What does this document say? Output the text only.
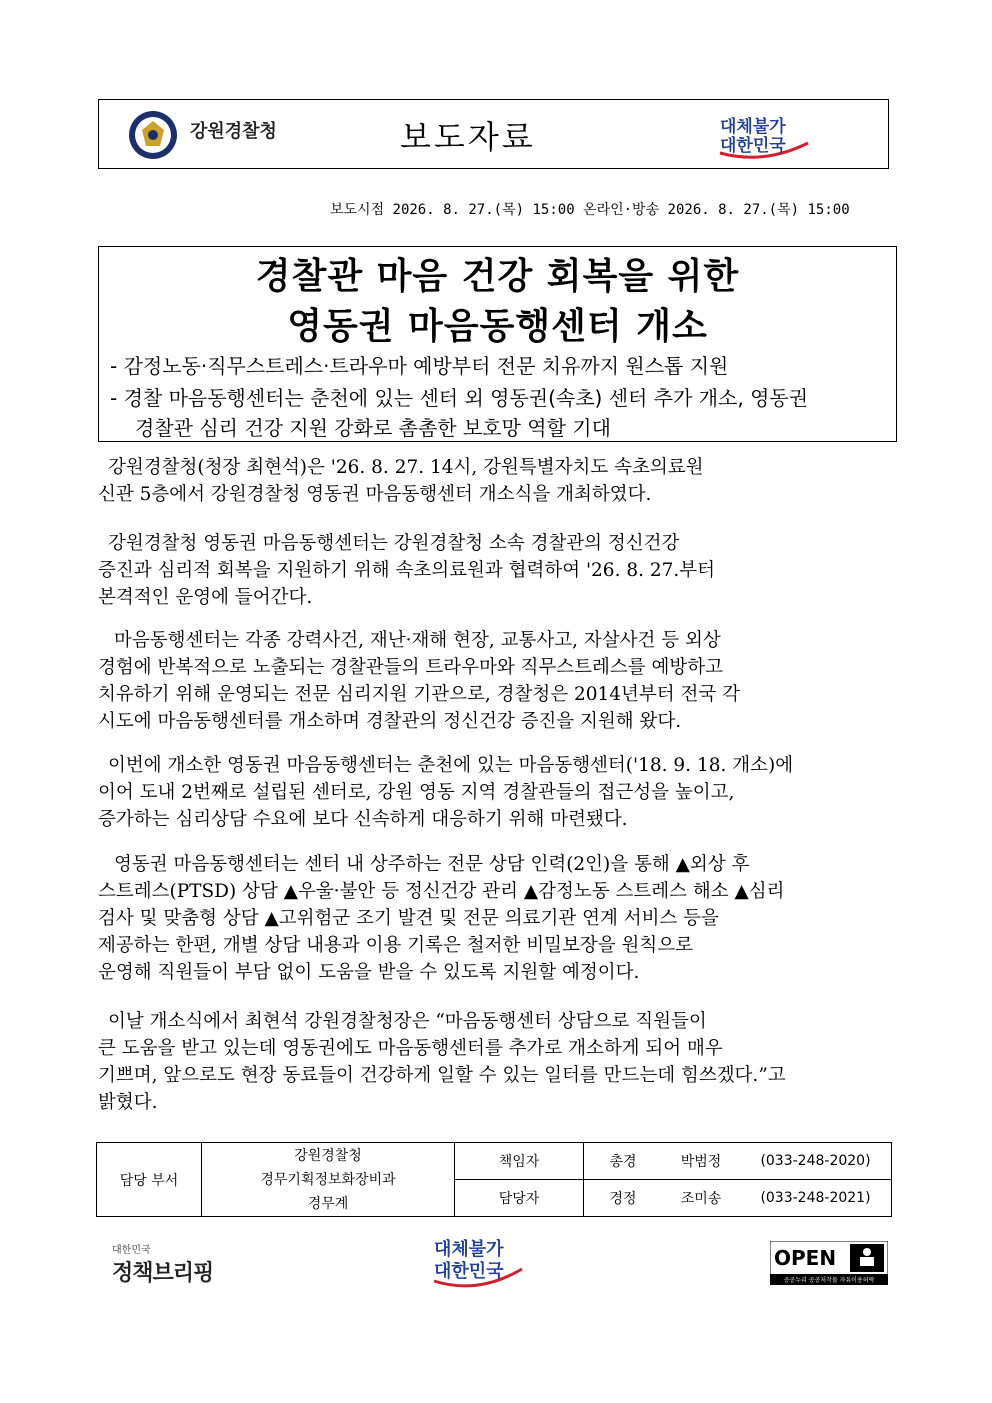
강원경찰청	보도자료	대체불가
대한민국
보도시점 2026. 8. 27.(목) 15:00 온라인·방송 2026. 8. 27.(목) 15:00
경찰관 마음 건강 회복을 위한
영동권 마음동행센터 개소
- 감정노동·직무스트레스·트라우마 예방부터 전문 치유까지 원스톱 지원
- 경찰 마음동행센터는 춘천에 있는 센터 외 영동권(속초) 센터 추가 개소, 영동권
경찰관 심리 건강 지원 강화로 촘촘한 보호망 역할 기대
강원경찰청(청장 최현석)은 '26. 8. 27. 14시, 강원특별자치도 속초의료원
신관 5층에서 강원경찰청 영동권 마음동행센터 개소식을 개최하였다.
강원경찰청 영동권 마음동행센터는 강원경찰청 소속 경찰관의 정신건강
증진과 심리적 회복을 지원하기 위해 속초의료원과 협력하여 '26. 8. 27.부터
본격적인 운영에 들어간다.
마음동행센터는 각종 강력사건, 재난·재해 현장, 교통사고, 자살사건 등 외상
경험에 반복적으로 노출되는 경찰관들의 트라우마와 직무스트레스를 예방하고
치유하기 위해 운영되는 전문 심리지원 기관으로, 경찰청은 2014년부터 전국 각
시도에 마음동행센터를 개소하며 경찰관의 정신건강 증진을 지원해 왔다.
이번에 개소한 영동권 마음동행센터는 춘천에 있는 마음동행센터('18. 9. 18. 개소)에
이어 도내 2번째로 설립된 센터로, 강원 영동 지역 경찰관들의 접근성을 높이고,
증가하는 심리상담 수요에 보다 신속하게 대응하기 위해 마련됐다.
영동권 마음동행센터는 센터 내 상주하는 전문 상담 인력(2인)을 통해 ▲외상 후
스트레스(PTSD) 상담 ▲우울·불안 등 정신건강 관리 ▲감정노동 스트레스 해소 ▲심리
검사 및 맞춤형 상담 ▲고위험군 조기 발견 및 전문 의료기관 연계 서비스 등을
제공하는 한편, 개별 상담 내용과 이용 기록은 철저한 비밀보장을 원칙으로
운영해 직원들이 부담 없이 도움을 받을 수 있도록 지원할 예정이다.
이날 개소식에서 최현석 강원경찰청장은 “마음동행센터 상담으로 직원들이
큰 도움을 받고 있는데 영동권에도 마음동행센터를 추가로 개소하게 되어 매우
기쁘며, 앞으로도 현장 동료들이 건강하게 일할 수 있는 일터를 만드는데 힘쓰겠다.”고
밝혔다.
담당 부서	강원경찰청
경무기획정보화장비과
경무계	책임자	총경	박범정	(033-248-2020)
		담당자	경정	조미송	(033-248-2021)
대한민국
정책브리핑
대체불가
대한민국
OPEN
공공누리 공공저작물 자유이용허락
